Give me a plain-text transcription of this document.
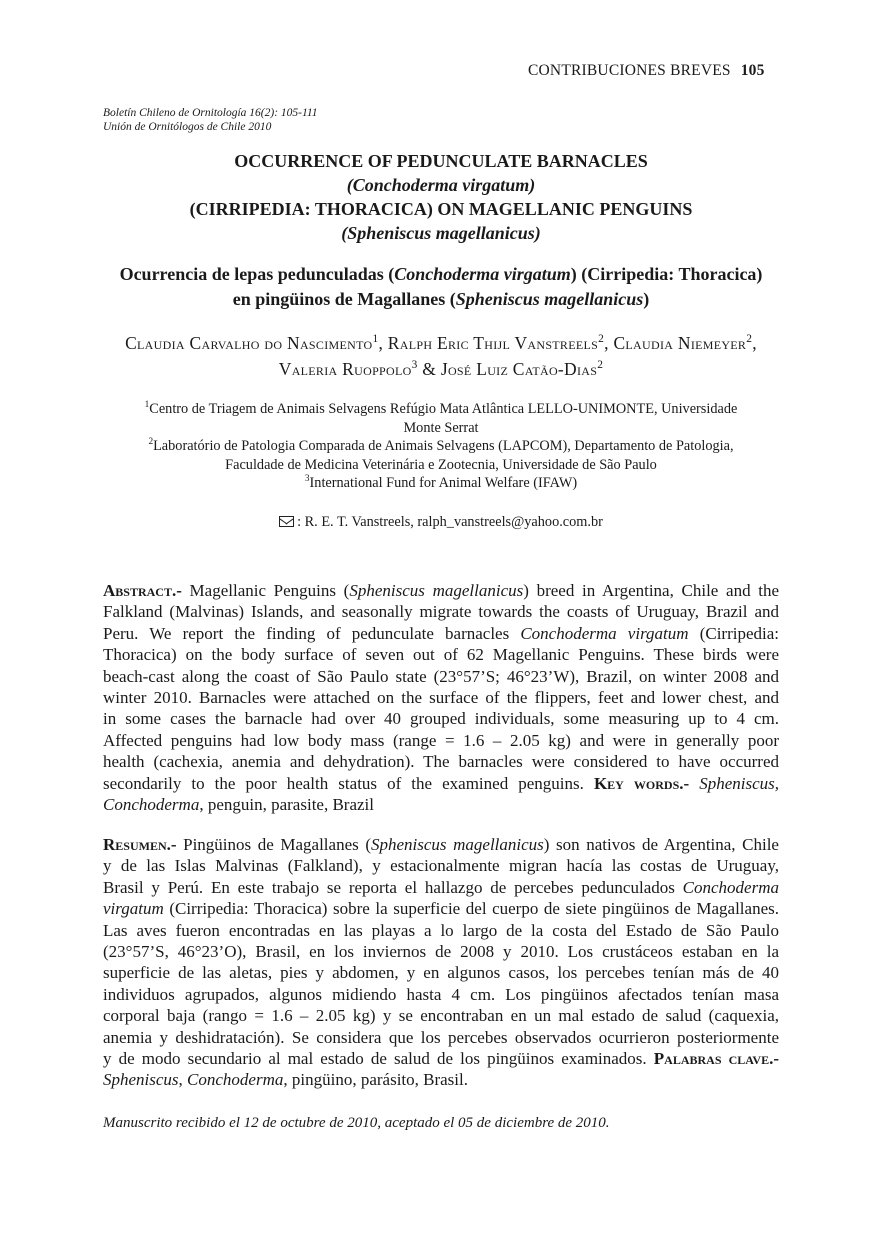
CONTRIBUCIONES BREVES 105
Boletín Chileno de Ornitología 16(2): 105-111
Unión de Ornitólogos de Chile 2010
OCCURRENCE OF PEDUNCULATE BARNACLES
(Conchoderma virgatum)
(CIRRIPEDIA: THORACICA) ON MAGELLANIC PENGUINS
(Spheniscus magellanicus)
Ocurrencia de lepas pedunculadas (Conchoderma virgatum) (Cirripedia: Thoracica)
en pingüinos de Magallanes (Spheniscus magellanicus)
Claudia Carvalho do Nascimento$^1$, Ralph Eric Thijl Vanstreels$^2$, Claudia Niemeyer$^2$, Valeria Ruoppolo$^3$ & José Luiz Catão-Dias$^2$
$^1$Centro de Triagem de Animais Selvagens Refúgio Mata Atlântica LELLO-UNIMONTE, Universidade
Monte Serrat
$^2$Laboratório de Patologia Comparada de Animais Selvagens (LAPCOM), Departamento de Patologia,
Faculdade de Medicina Veterinária e Zootecnia, Universidade de São Paulo
$^3$International Fund for Animal Welfare (IFAW)
: R. E. T. Vanstreels, ralph_vanstreels@yahoo.com.br
Abstract.- Magellanic Penguins (Spheniscus magellanicus) breed in Argentina, Chile and the
Falkland (Malvinas) Islands, and seasonally migrate towards the coasts of Uruguay, Brazil and
Peru. We report the finding of pedunculate barnacles Conchoderma virgatum (Cirripedia:
Thoracica) on the body surface of seven out of 62 Magellanic Penguins. These birds were
beach-cast along the coast of São Paulo state (23°57’S; 46°23’W), Brazil, on winter 2008 and
winter 2010. Barnacles were attached on the surface of the flippers, feet and lower chest, and
in some cases the barnacle had over 40 grouped individuals, some measuring up to 4 cm.
Affected penguins had low body mass (range = 1.6 – 2.05 kg) and were in generally poor
health (cachexia, anemia and dehydration). The barnacles were considered to have occurred
secondarily to the poor health status of the examined penguins. Key words.- Spheniscus,
Conchoderma, penguin, parasite, Brazil
Resumen.- Pingüinos de Magallanes (Spheniscus magellanicus) son nativos de Argentina, Chile
y de las Islas Malvinas (Falkland), y estacionalmente migran hacía las costas de Uruguay,
Brasil y Perú. En este trabajo se reporta el hallazgo de percebes pedunculados Conchoderma
virgatum (Cirripedia: Thoracica) sobre la superficie del cuerpo de siete pingüinos de Magallanes.
Las aves fueron encontradas en las playas a lo largo de la costa del Estado de São Paulo
(23°57’S, 46°23’O), Brasil, en los inviernos de 2008 y 2010. Los crustáceos estaban en la
superficie de las aletas, pies y abdomen, y en algunos casos, los percebes tenían más de 40
individuos agrupados, algunos midiendo hasta 4 cm. Los pingüinos afectados tenían masa
corporal baja (rango = 1.6 – 2.05 kg) y se encontraban en un mal estado de salud (caquexia,
anemia y deshidratación). Se considera que los percebes observados ocurrieron posteriormente
y de modo secundario al mal estado de salud de los pingüinos examinados. Palabras clave.-
Spheniscus, Conchoderma, pingüino, parásito, Brasil.
Manuscrito recibido el 12 de octubre de 2010, aceptado el 05 de diciembre de 2010.
